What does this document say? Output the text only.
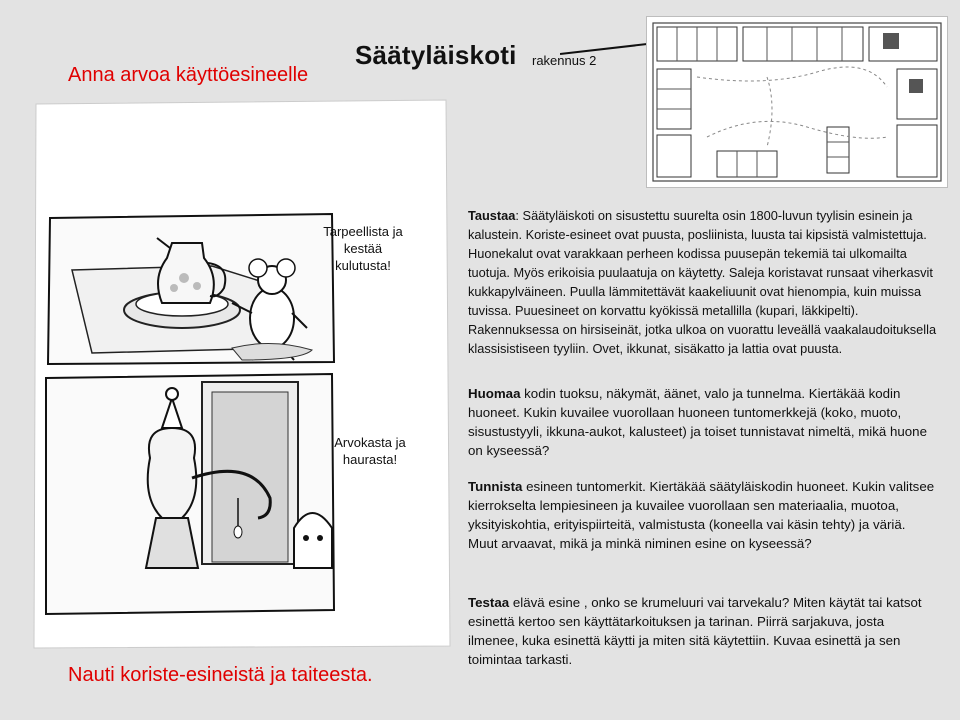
Anna arvoa käyttöesineelle
Säätyläiskoti rakennus 2
Tarpeellista ja kestää kulutusta!
Arvokasta ja haurasta!
Nauti koriste-esineistä ja taiteesta.

Taustaa: Säätyläiskoti on sisustettu suurelta osin 1800-luvun tyylisin esinein ja kalustein. Koriste-esineet ovat puusta, posliinista, luusta tai kipsistä valmistettuja. Huonekalut ovat varakkaan perheen kodissa puusepän tekemiä tai ulkomailta tuotuja. Myös erikoisia puulaatuja on käytetty. Saleja koristavat runsaat viherkasvit kukkapylväineen. Puulla lämmitettävät kaakeliuunit ovat hienompia, kuin muissa tuvissa. Puuesineet on korvattu kyökissä metallilla (kupari, läkkipelti). Rakennuksessa on hirsiseinät, jotka ulkoa on vuorattu leveällä vaakalaudoituksella klassisistiseen tyyliin. Ovet, ikkunat, sisäkatto ja lattia ovat puusta.

Huomaa kodin tuoksu, näkymät, äänet, valo ja tunnelma. Kiertäkää kodin huoneet. Kukin kuvailee vuorollaan huoneen tuntomerkkejä (koko, muoto, sisustustyyli, ikkuna-aukot, kalusteet) ja toiset tunnistavat nimeltä, mikä huone on kyseessä?

Tunnista esineen tuntomerkit. Kiertäkää säätyläiskodin huoneet. Kukin valitsee kierrokselta lempiesineen ja kuvailee vuorollaan sen materiaalia, muotoa, yksityiskohtia, erityispiirteitä, valmistusta (koneella vai käsin tehty) ja väriä. Muut arvaavat, mikä ja minkä niminen esine on kyseessä?

Testaa elävä esine , onko se krumeluuri vai tarvekalu? Miten käytät tai katsot esinettä kertoo sen käyttätarkoituksen ja tarinan. Piirrä sarjakuva, josta ilmenee, kuka esinettä käytti ja miten sitä käytettiin. Kuvaa esinettä ja sen toimintaa tarkasti.
